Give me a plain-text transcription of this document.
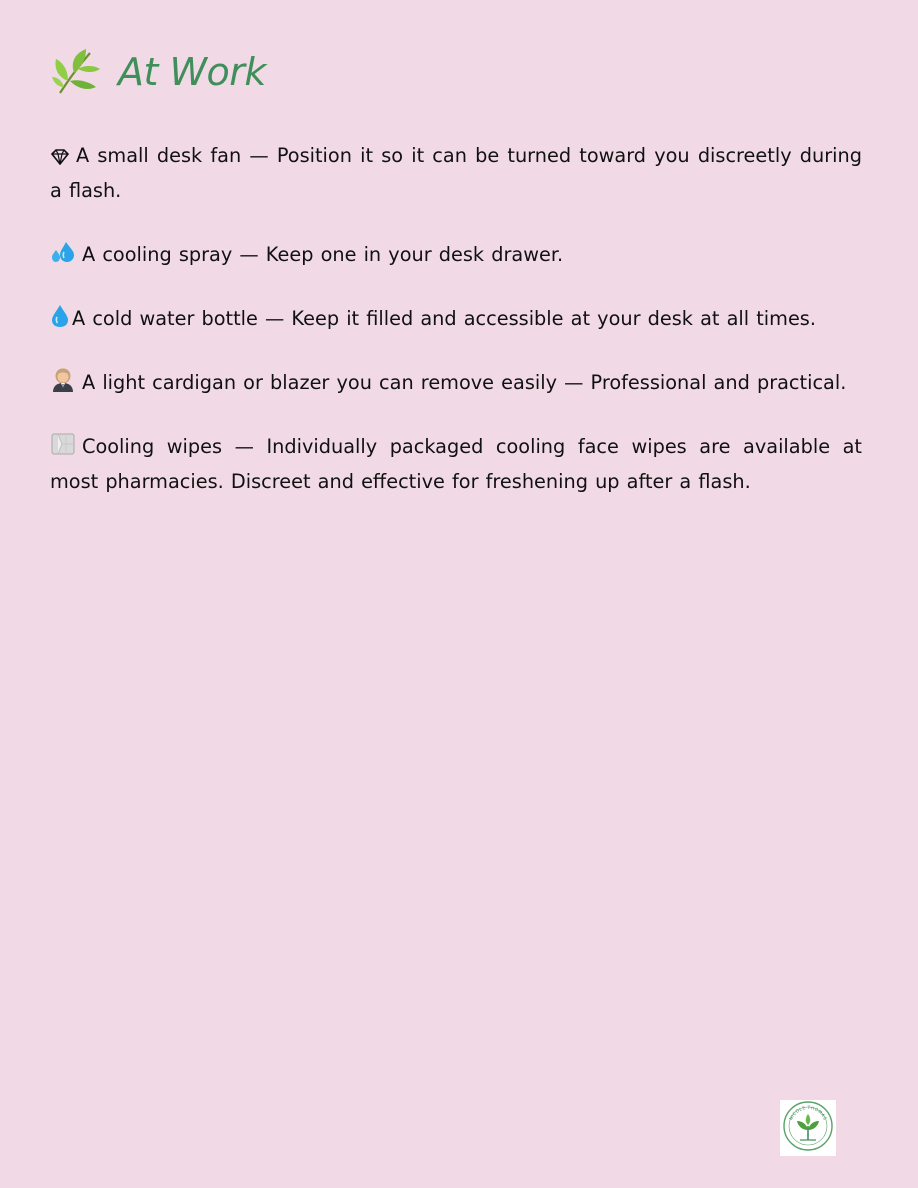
At Work

A small desk fan — Position it so it can be turned toward you discreetly during a flash.

A cooling spray — Keep one in your desk drawer.

A cold water bottle — Keep it filled and accessible at your desk at all times.

A light cardigan or blazer you can remove easily — Professional and practical.

Cooling wipes — Individually packaged cooling face wipes are available at most pharmacies. Discreet and effective for freshening up after a flash.

NICOLE THOMAS
